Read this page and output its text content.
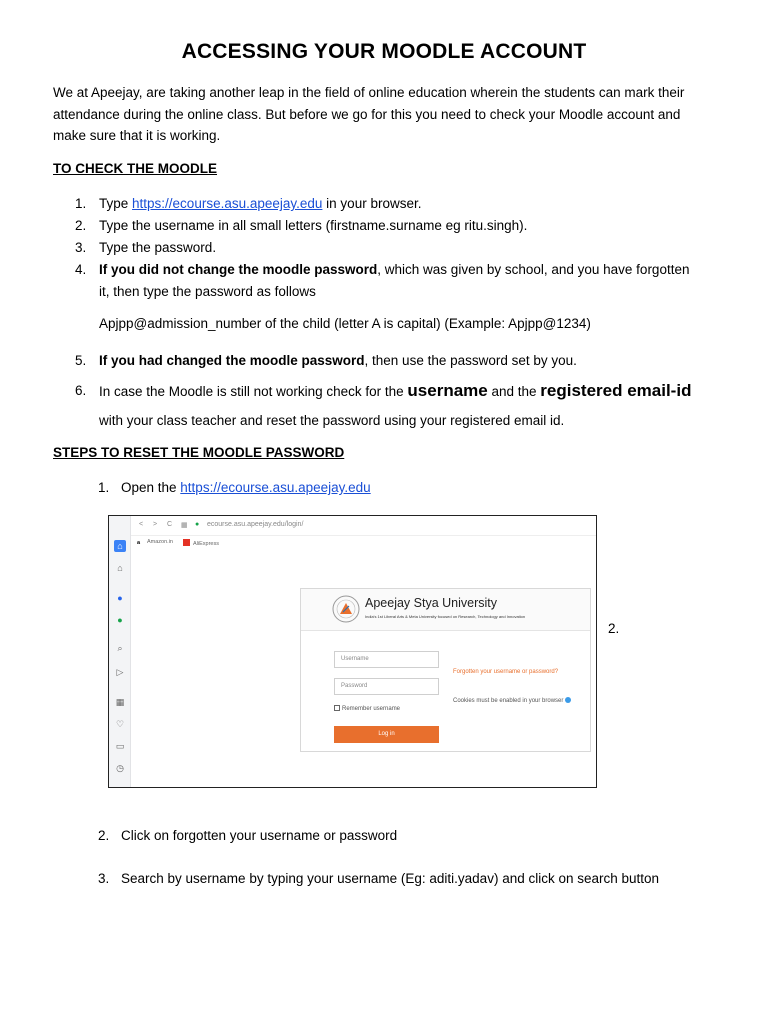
ACCESSING YOUR MOODLE ACCOUNT

We at Apeejay, are taking another leap in the field of online education wherein the students can mark their attendance during the online class. But before we go for this you need to check your Moodle account and make sure that it is working.

TO CHECK THE MOODLE
1. Type https://ecourse.asu.apeejay.edu in your browser.
2. Type the username in all small letters (firstname.surname eg ritu.singh).
3. Type the password.
4. If you did not change the moodle password, which was given by school, and you have forgotten it, then type the password as follows
Apjpp@admission_number of the child (letter A is capital) (Example: Apjpp@1234)
5. If you had changed the moodle password, then use the password set by you.
6. In case the Moodle is still not working check for the username and the registered email-id with your class teacher and reset the password using your registered email id.
STEPS TO RESET THE MOODLE PASSWORD
1. Open the https://ecourse.asu.apeejay.edu
⌂
⌂
●
●
⌕
▷
▦
♡
▭
◷
< > C ▦ ● ecourse.asu.apeejay.edu/login/
a Amazon.in	AliExpress
Apeejay Stya University
India's 1st Liberal Arts & Meta University focused on Research, Technology and Innovation
Username
Password
Remember username
Log in
Forgotten your username or password?
Cookies must be enabled in your browser
2.
2. Click on forgotten your username or password
3. Search by username by typing your username (Eg: aditi.yadav) and click on search button
